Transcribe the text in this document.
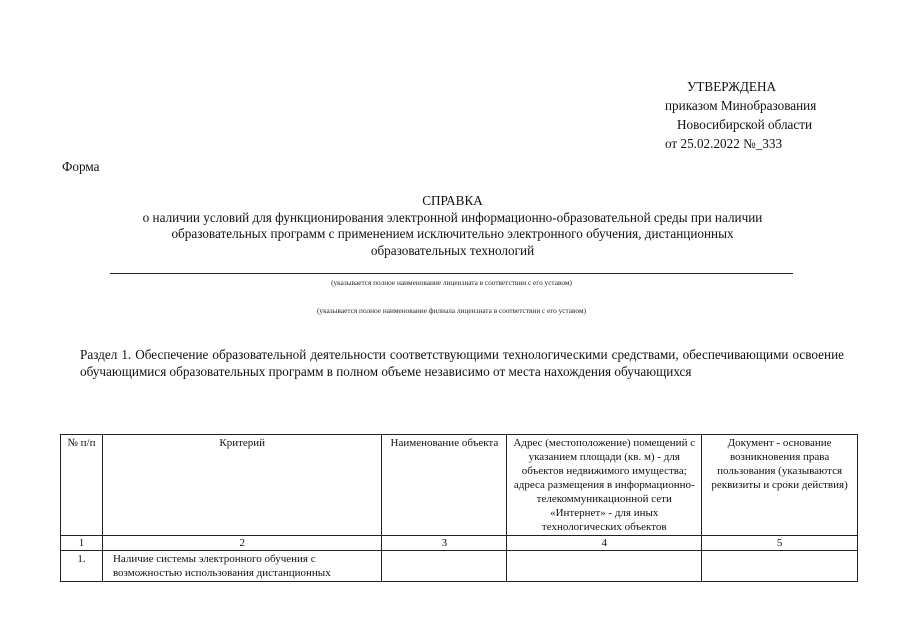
УТВЕРЖДЕНА
приказом Минобразования
Новосибирской области
от 25.02.2022 №_333
Форма
СПРАВКА
о наличии условий для функционирования электронной информационно-образовательной среды при наличии
образовательных программ с применением исключительно электронного обучения, дистанционных
образовательных технологий
(указывается полное наименование лицензиата в соответствии с его уставом)
(указывается полное наименование филиала лицензиата в соответствии с его уставом)
Раздел 1. Обеспечение образовательной деятельности соответствующими технологическими средствами, обеспечивающими освоение обучающимися образовательных программ в полном объеме независимо от места нахождения обучающихся
№ п/п	Критерий	Наименование объекта	Адрес (местоположение) помещений с указанием площади (кв. м) - для объектов недвижимого имущества; адреса размещения в информационно-телекоммуникационной сети «Интернет» - для иных технологических объектов	Документ - основание возникновения права пользования (указываются реквизиты и сроки действия)
1	2	3	4	5
1.	Наличие системы электронного обучения с возможностью использования дистанционных			
